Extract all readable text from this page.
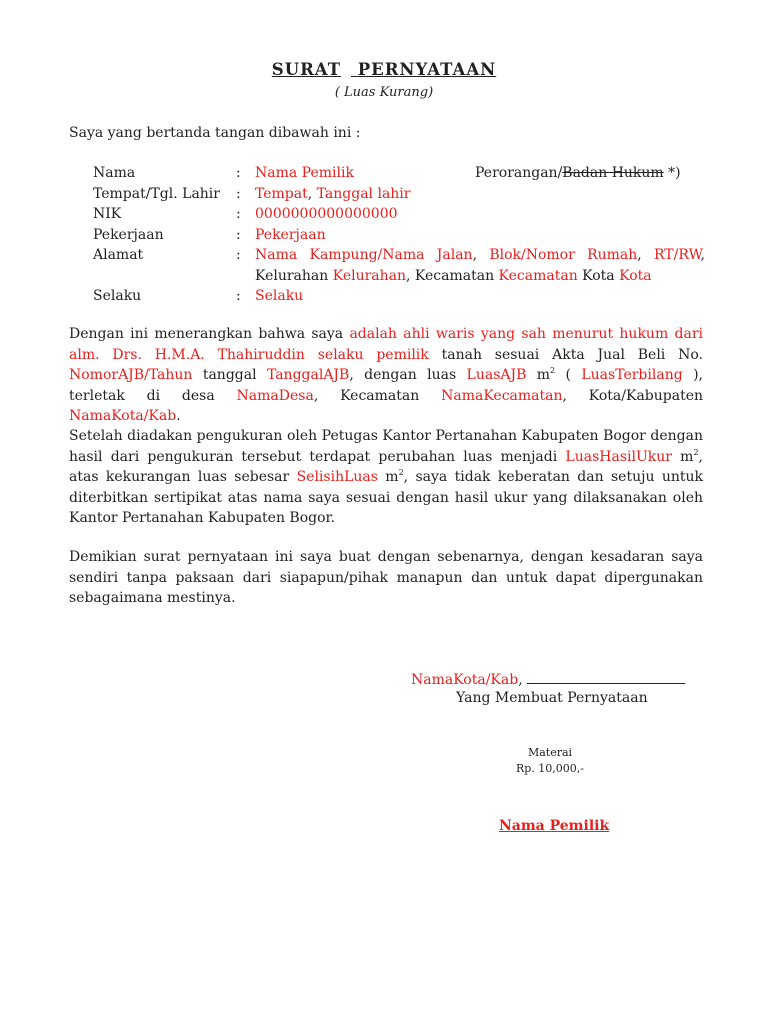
SURAT PERNYATAAN
( Luas Kurang)
Saya yang bertanda tangan dibawah ini :
Nama	: Nama Pemilik	Perorangan/Badan Hukum *)
Tempat/Tgl. Lahir : Tempat, Tanggal lahir
NIK	: 0000000000000000
Pekerjaan	: Pekerjaan
Alamat	: Nama Kampung/Nama Jalan, Blok/Nomor Rumah, RT/RW,
Kelurahan Kelurahan, Kecamatan Kecamatan Kota Kota
Selaku	: Selaku
Dengan ini menerangkan bahwa saya adalah ahli waris yang sah menurut hukum dari alm. Drs. H.M.A. Thahiruddin selaku pemilik tanah sesuai Akta Jual Beli No. NomorAJB/Tahun tanggal TanggalAJB, dengan luas LuasAJB $m^2$ ( LuasTerbilang ), terletak di desa NamaDesa, Kecamatan NamaKecamatan, Kota/Kabupaten NamaKota/Kab.
Setelah diadakan pengukuran oleh Petugas Kantor Pertanahan Kabupaten Bogor dengan hasil dari pengukuran tersebut terdapat perubahan luas menjadi LuasHasilUkur $m^2$, atas kekurangan luas sebesar SelisihLuas $m^2$, saya tidak keberatan dan setuju untuk diterbitkan sertipikat atas nama saya sesuai dengan hasil ukur yang dilaksanakan oleh Kantor Pertanahan Kabupaten Bogor.
Demikian surat pernyataan ini saya buat dengan sebenarnya, dengan kesadaran saya sendiri tanpa paksaan dari siapapun/pihak manapun dan untuk dapat dipergunakan sebagaimana mestinya.
NamaKota/Kab,
Yang Membuat Pernyataan
Materai
Rp. 10,000,-
Nama Pemilik
